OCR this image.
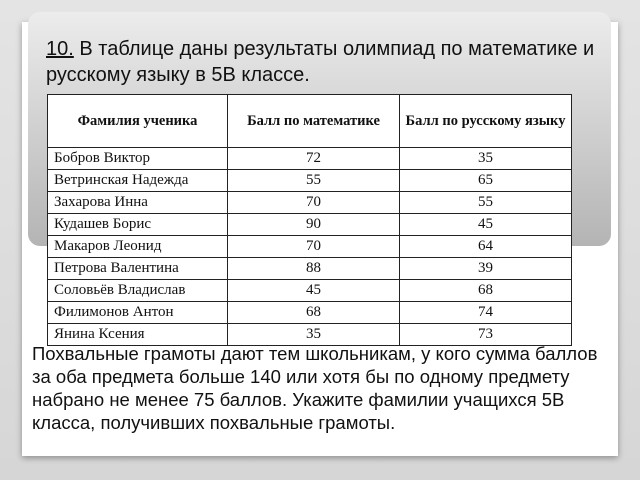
10. В таблице даны результаты олимпиад по математике и русскому языку в 5В классе.
Фамилия ученика	Балл по математике	Балл по русскому языку
Бобров Виктор	72	35
Ветринская Надежда	55	65
Захарова Инна	70	55
Кудашев Борис	90	45
Макаров Леонид	70	64
Петрова Валентина	88	39
Соловьёв Владислав	45	68
Филимонов Антон	68	74
Янина Ксения	35	73
Похвальные грамоты дают тем школьникам, у кого сумма баллов за оба предмета больше 140 или хотя бы по одному предмету набрано не менее 75 баллов. Укажите фамилии учащихся 5В класса, получивших похвальные грамоты.
